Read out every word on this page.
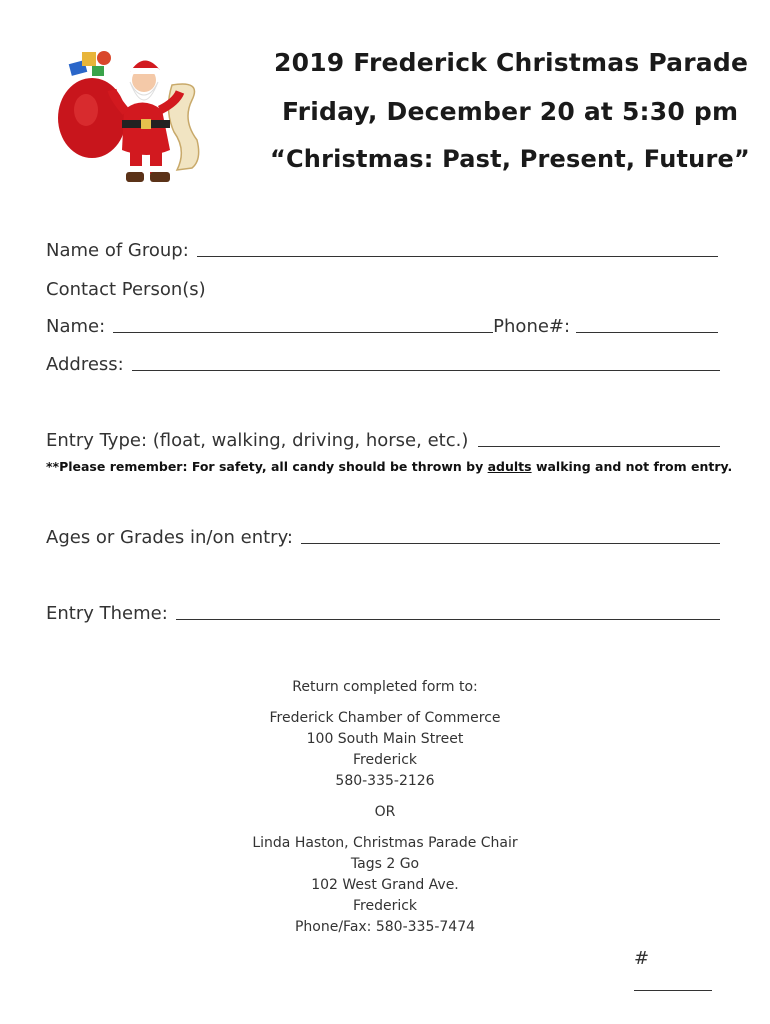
2019 Frederick Christmas Parade
Friday, December 20 at 5:30 pm
“Christmas: Past, Present, Future”
Name of Group:
Contact Person(s)
Name:	Phone#:
Address:
Entry Type: (float, walking, driving, horse, etc.)
**Please remember: For safety, all candy should be thrown by adults walking and not from entry.
Ages or Grades in/on entry:
Entry Theme:
Return completed form to:
Frederick Chamber of Commerce
100 South Main Street
Frederick
580-335-2126
OR
Linda Haston, Christmas Parade Chair
Tags 2 Go
102 West Grand Ave.
Frederick
Phone/Fax: 580-335-7474
#
